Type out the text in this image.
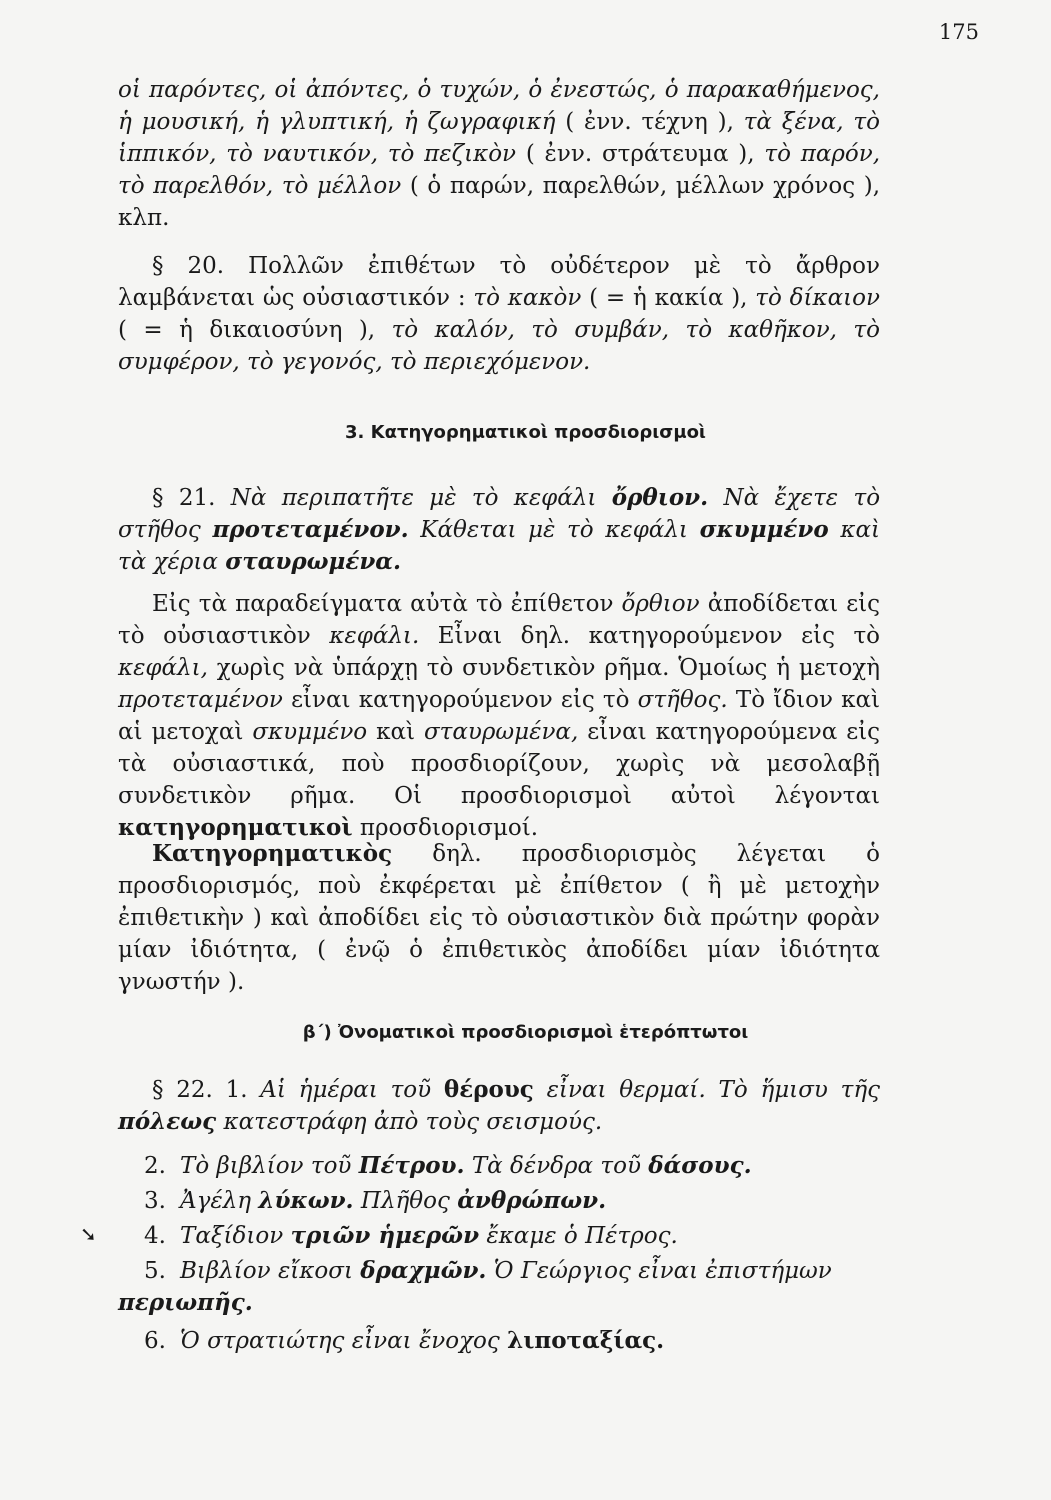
175

οἱ παρόντες, οἱ ἀπόντες, ὁ τυχών, ὁ ἐνεστώς, ὁ παρακαθήμενος, ἡ μουσική, ἡ γλυπτική, ἡ ζωγραφική ( ἐνν. τέχνη ), τὰ ξένα, τὸ ἱππικόν, τὸ ναυτικόν, τὸ πεζικὸν ( ἐνν. στράτευμα ), τὸ παρόν, τὸ παρελθόν, τὸ μέλλον ( ὁ παρών, παρελθών, μέλλων χρόνος ), κλπ.

§ 20. Πολλῶν ἐπιθέτων τὸ οὐδέτερον μὲ τὸ ἄρθρον λαμβάνεται ὡς οὐσιαστικόν : τὸ κακὸν ( = ἡ κακία ), τὸ δίκαιον ( = ἡ δικαιοσύνη ), τὸ καλόν, τὸ συμβάν, τὸ καθῆκον, τὸ συμφέρον, τὸ γεγονός, τὸ περιεχόμενον.

3. Κατηγορηματικοὶ προσδιορισμοὶ

§ 21. Νὰ περιπατῆτε μὲ τὸ κεφάλι ὄρθιον. Νὰ ἔχετε τὸ στῆθος προτεταμένον. Κάθεται μὲ τὸ κεφάλι σκυμμένο καὶ τὰ χέρια σταυρωμένα.

Εἰς τὰ παραδείγματα αὐτὰ τὸ ἐπίθετον ὄρθιον ἀποδίδεται εἰς τὸ οὐσιαστικὸν κεφάλι. Εἶναι δηλ. κατηγορούμενον εἰς τὸ κεφάλι, χωρὶς νὰ ὑπάρχῃ τὸ συνδετικὸν ρῆμα. Ὁμοίως ἡ μετοχὴ προτεταμένον εἶναι κατηγορούμενον εἰς τὸ στῆθος. Τὸ ἴδιον καὶ αἱ μετοχαὶ σκυμμένο καὶ σταυρωμένα, εἶναι κατηγορούμενα εἰς τὰ οὐσιαστικά, ποὺ προσδιορίζουν, χωρὶς νὰ μεσολαβῇ συνδετικὸν ρῆμα. Οἱ προσδιορισμοὶ αὐτοὶ λέγονται κατηγορηματικοὶ προσδιορισμοί.

Κατηγορηματικὸς δηλ. προσδιορισμὸς λέγεται ὁ προσδιορισμός, ποὺ ἐκφέρεται μὲ ἐπίθετον ( ἢ μὲ μετοχὴν ἐπιθετικὴν ) καὶ ἀποδίδει εἰς τὸ οὐσιαστικὸν διὰ πρώτην φορὰν μίαν ἰδιότητα, ( ἐνῷ ὁ ἐπιθετικὸς ἀποδίδει μίαν ἰδιότητα γνωστήν ).

β΄) Ὀνοματικοὶ προσδιορισμοὶ ἑτερόπτωτοι

§ 22. 1. Αἱ ἡμέραι τοῦ θέρους εἶναι θερμαί. Τὸ ἥμισυ τῆς πόλεως κατεστράφη ἀπὸ τοὺς σεισμούς.

2. Τὸ βιβλίον τοῦ Πέτρου. Τὰ δένδρα τοῦ δάσους.
3. Ἀγέλη λύκων. Πλῆθος ἀνθρώπων.
➘	4. Ταξίδιον τριῶν ἡμερῶν ἔκαμε ὁ Πέτρος.
5. Βιβλίον εἴκοσι δραχμῶν. Ὁ Γεώργιος εἶναι ἐπιστήμων περιωπῆς.
6. Ὁ στρατιώτης εἶναι ἔνοχος λιποταξίας.
